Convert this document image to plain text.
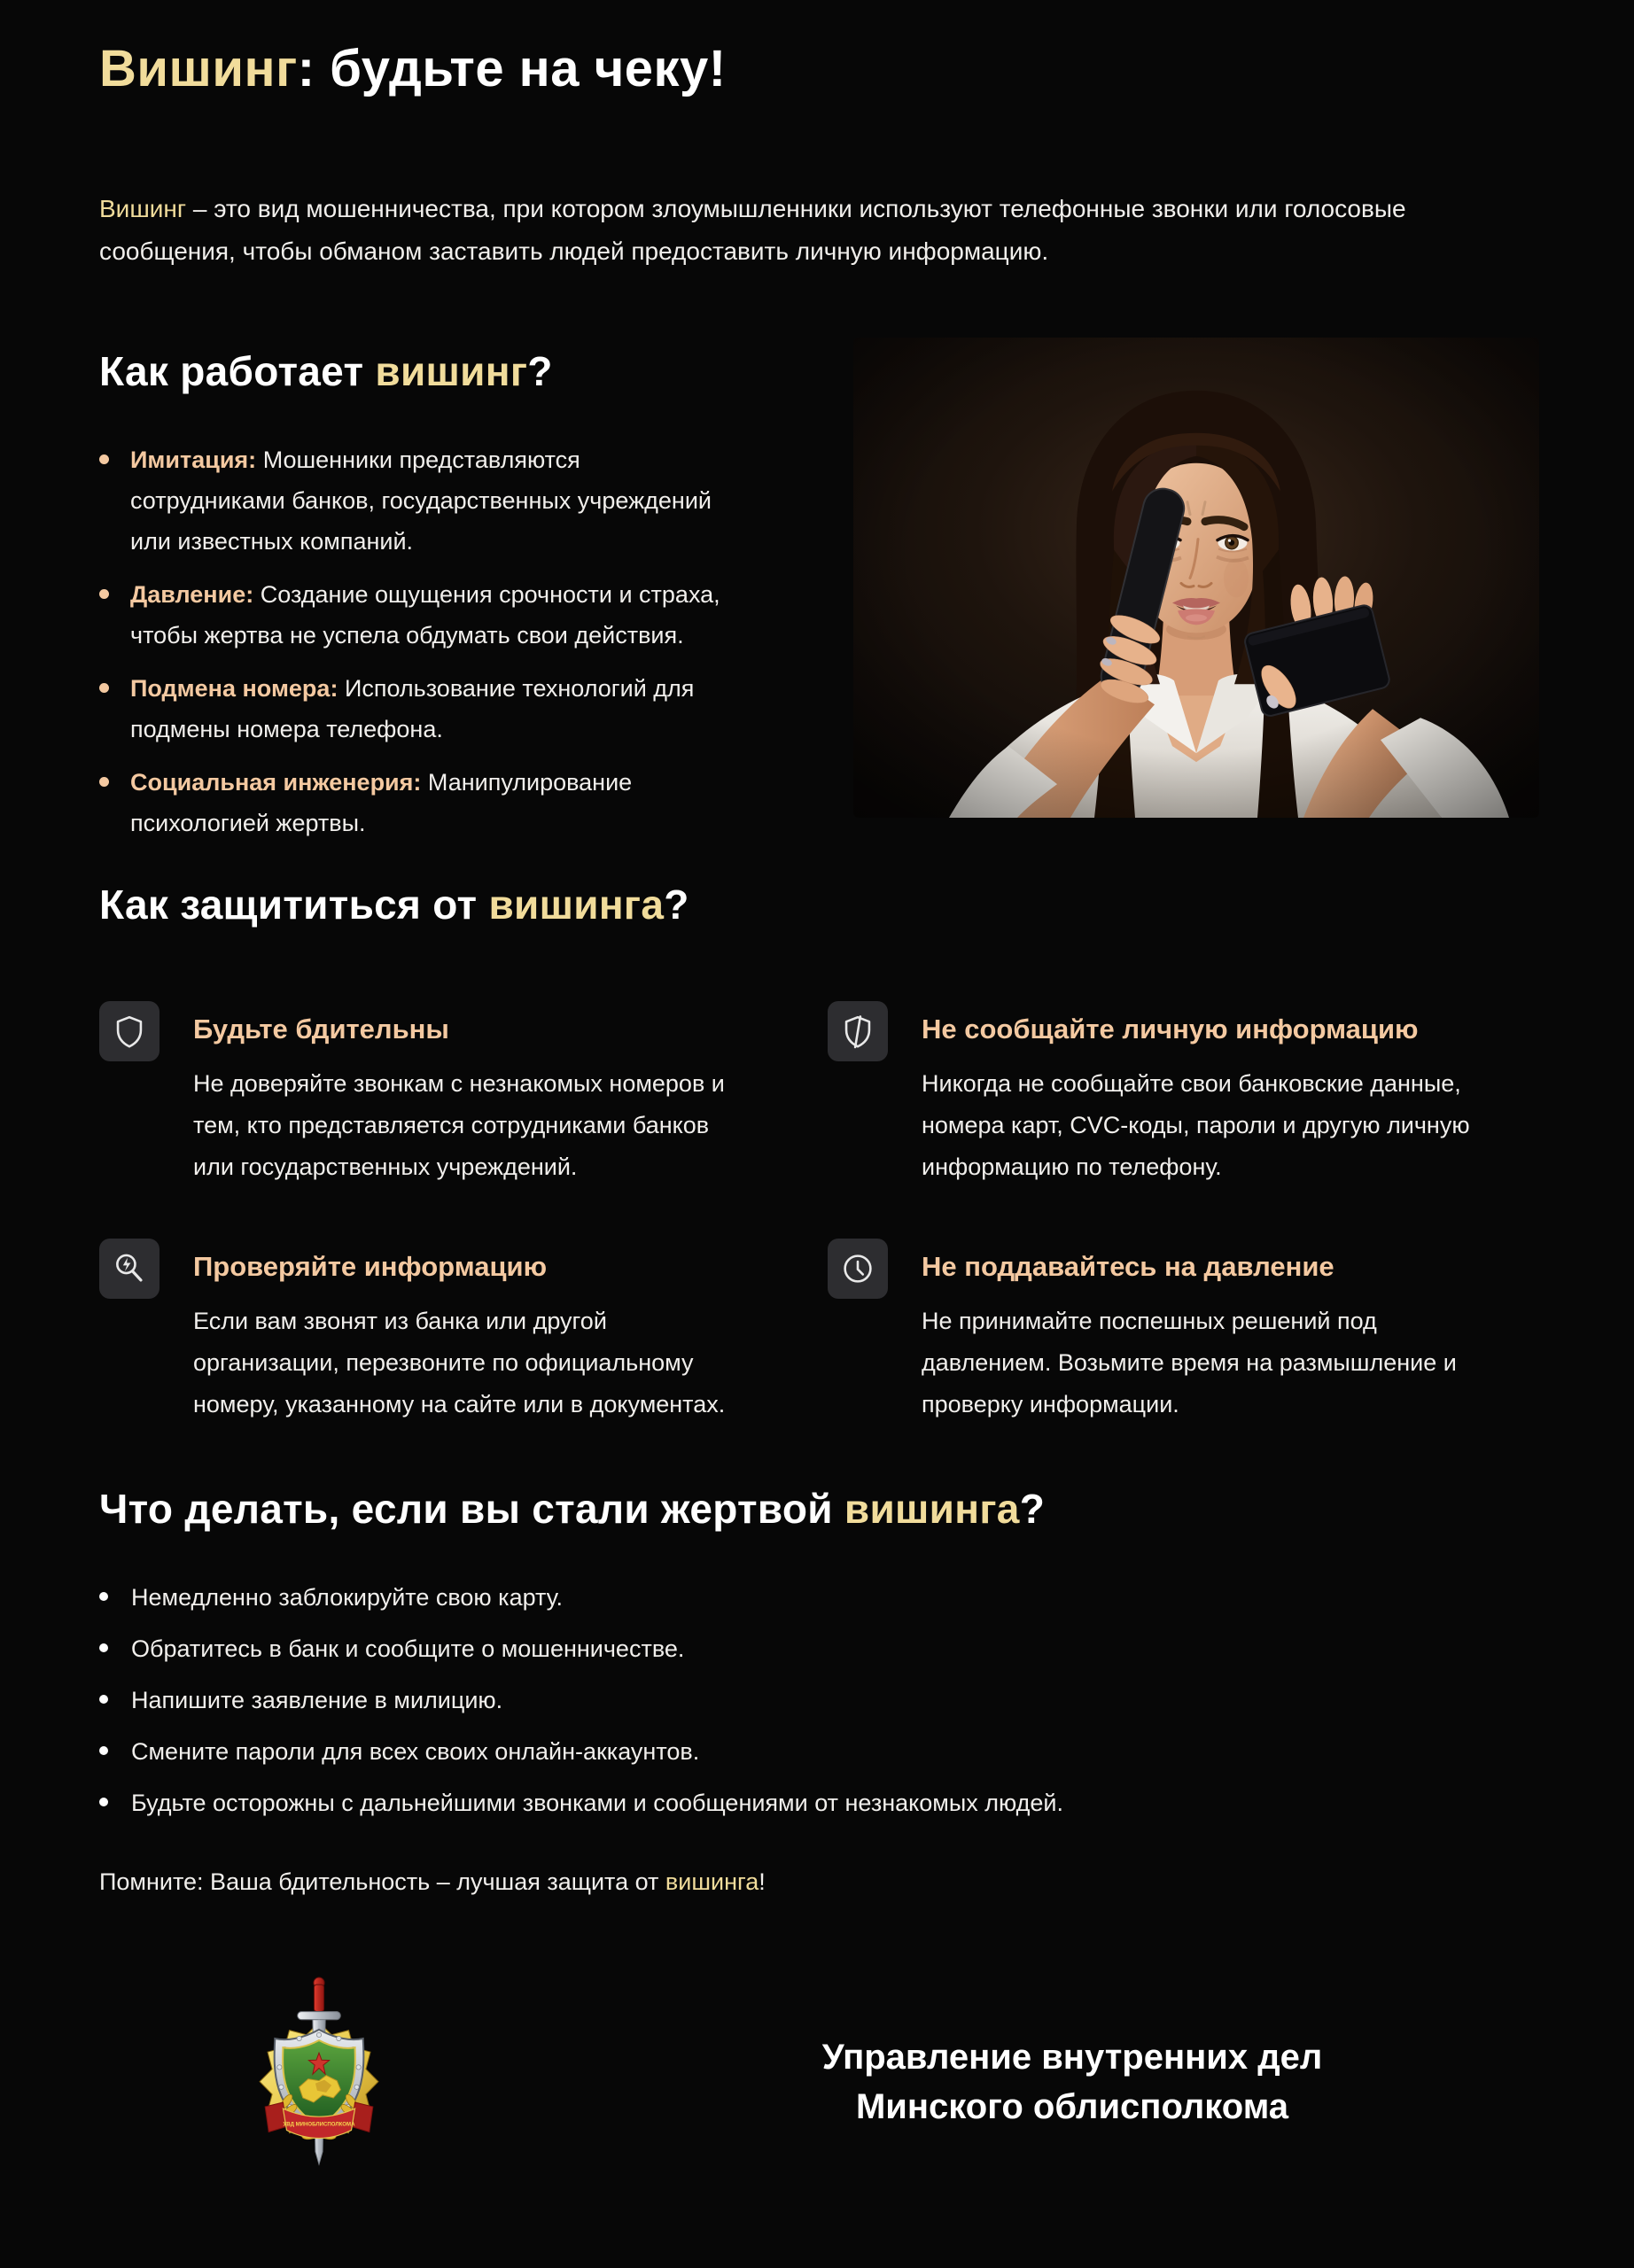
Вишинг: будьте на чеку!

Вишинг – это вид мошенничества, при котором злоумышленники используют телефонные звонки или голосовые сообщения, чтобы обманом заставить людей предоставить личную информацию.

Как работает вишинг?
Имитация: Мошенники представляются сотрудниками банков, государственных учреждений или известных компаний.
Давление: Создание ощущения срочности и страха, чтобы жертва не успела обдумать свои действия.
Подмена номера: Использование технологий для подмены номера телефона.
Социальная инженерия: Манипулирование психологией жертвы.
Как защититься от вишинга?
Будьте бдительны

Не доверяйте звонкам с незнакомых номеров и тем, кто представляется сотрудниками банков или государственных учреждений.

Не сообщайте личную информацию

Никогда не сообщайте свои банковские данные, номера карт, CVC-коды, пароли и другую личную информацию по телефону.

Проверяйте информацию

Если вам звонят из банка или другой организации, перезвоните по официальному номеру, указанному на сайте или в документах.

Не поддавайтесь на давление

Не принимайте поспешных решений под давлением. Возьмите время на размышление и проверку информации.

Что делать, если вы стали жертвой вишинга?
Немедленно заблокируйте свою карту.
Обратитесь в банк и сообщите о мошенничестве.
Напишите заявление в милицию.
Смените пароли для всех своих онлайн-аккаунтов.
Будьте осторожны с дальнейшими звонками и сообщениями от незнакомых людей.

Помните: Ваша бдительность – лучшая защита от вишинга!

УВД МИНОБЛИСПОЛКОМА
Управление внутренних дел
Минского облисполкома
